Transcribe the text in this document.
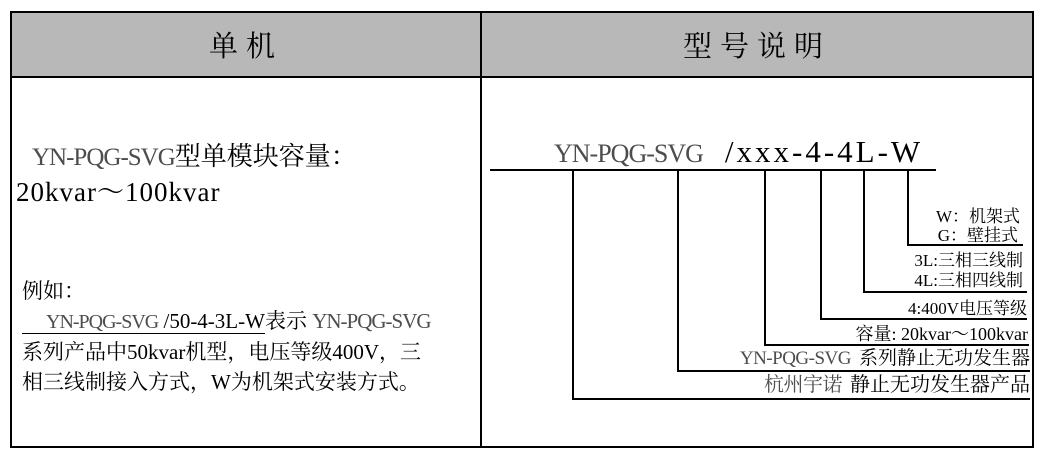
单机	型号说明
YN-PQG-SVG型单模块容量：
20kvar～100kvar
例如：
YN-PQG-SVG /50-4-3L-W表示 YN-PQG-SVG
系列产品中50kvar机型，电压等级400V，三
相三线制接入方式，W为机架式安装方式。
YN-PQG-SVG /xxx-4-4L-W
W：机架式
G：壁挂式
3L:三相三线制
4L:三相四线制
4:400V电压等级
容量: 20kvar～100kvar
YN-PQG-SVG 系列静止无功发生器
杭州宇诺 静止无功发生器产品
